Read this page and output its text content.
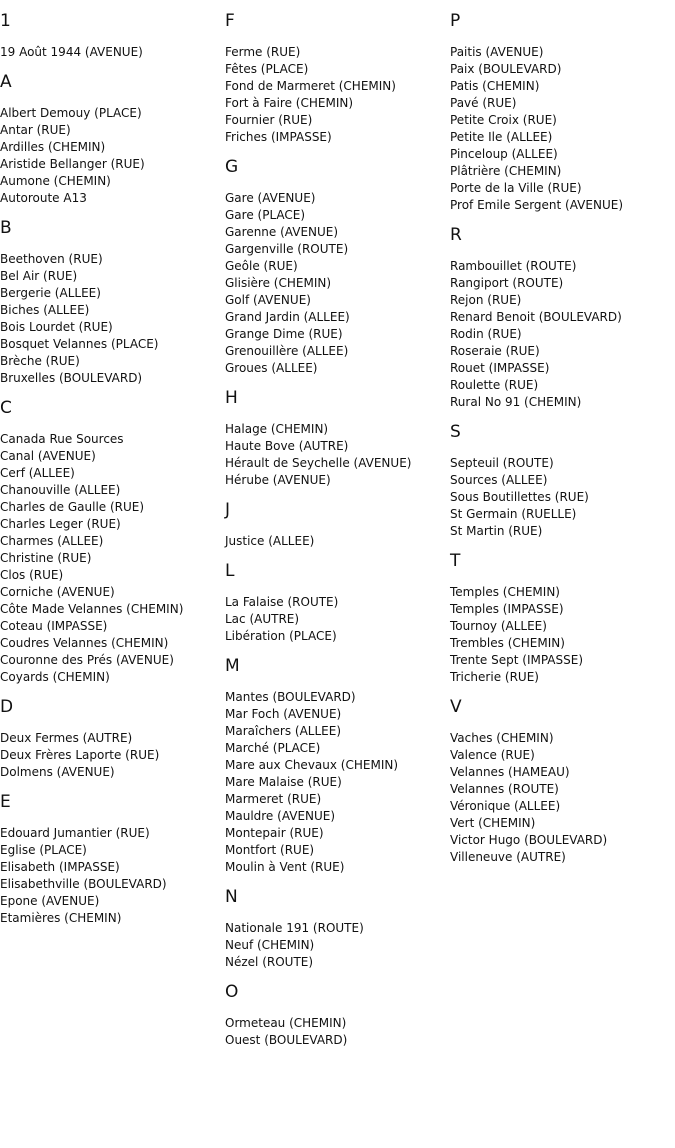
1
19 Août 1944 (AVENUE)
A
Albert Demouy (PLACE)
Antar (RUE)
Ardilles (CHEMIN)
Aristide Bellanger (RUE)
Aumone (CHEMIN)
Autoroute A13
B
Beethoven (RUE)
Bel Air (RUE)
Bergerie (ALLEE)
Biches (ALLEE)
Bois Lourdet (RUE)
Bosquet Velannes (PLACE)
Brèche (RUE)
Bruxelles (BOULEVARD)
C
Canada Rue Sources
Canal (AVENUE)
Cerf (ALLEE)
Chanouville (ALLEE)
Charles de Gaulle (RUE)
Charles Leger (RUE)
Charmes (ALLEE)
Christine (RUE)
Clos (RUE)
Corniche (AVENUE)
Côte Made Velannes (CHEMIN)
Coteau (IMPASSE)
Coudres Velannes (CHEMIN)
Couronne des Prés (AVENUE)
Coyards (CHEMIN)
D
Deux Fermes (AUTRE)
Deux Frères Laporte (RUE)
Dolmens (AVENUE)
E
Edouard Jumantier (RUE)
Eglise (PLACE)
Elisabeth (IMPASSE)
Elisabethville (BOULEVARD)
Epone (AVENUE)
Etamières (CHEMIN)
F
Ferme (RUE)
Fêtes (PLACE)
Fond de Marmeret (CHEMIN)
Fort à Faire (CHEMIN)
Fournier (RUE)
Friches (IMPASSE)
G
Gare (AVENUE)
Gare (PLACE)
Garenne (AVENUE)
Gargenville (ROUTE)
Geôle (RUE)
Glisière (CHEMIN)
Golf (AVENUE)
Grand Jardin (ALLEE)
Grange Dime (RUE)
Grenouillère (ALLEE)
Groues (ALLEE)
H
Halage (CHEMIN)
Haute Bove (AUTRE)
Hérault de Seychelle (AVENUE)
Hérube (AVENUE)
J
Justice (ALLEE)
L
La Falaise (ROUTE)
Lac (AUTRE)
Libération (PLACE)
M
Mantes (BOULEVARD)
Mar Foch (AVENUE)
Maraîchers (ALLEE)
Marché (PLACE)
Mare aux Chevaux (CHEMIN)
Mare Malaise (RUE)
Marmeret (RUE)
Mauldre (AVENUE)
Montepair (RUE)
Montfort (RUE)
Moulin à Vent (RUE)
N
Nationale 191 (ROUTE)
Neuf (CHEMIN)
Nézel (ROUTE)
O
Ormeteau (CHEMIN)
Ouest (BOULEVARD)
P
Paitis (AVENUE)
Paix (BOULEVARD)
Patis (CHEMIN)
Pavé (RUE)
Petite Croix (RUE)
Petite Ile (ALLEE)
Pinceloup (ALLEE)
Plâtrière (CHEMIN)
Porte de la Ville (RUE)
Prof Emile Sergent (AVENUE)
R
Rambouillet (ROUTE)
Rangiport (ROUTE)
Rejon (RUE)
Renard Benoit (BOULEVARD)
Rodin (RUE)
Roseraie (RUE)
Rouet (IMPASSE)
Roulette (RUE)
Rural No 91 (CHEMIN)
S
Septeuil (ROUTE)
Sources (ALLEE)
Sous Boutillettes (RUE)
St Germain (RUELLE)
St Martin (RUE)
T
Temples (CHEMIN)
Temples (IMPASSE)
Tournoy (ALLEE)
Trembles (CHEMIN)
Trente Sept (IMPASSE)
Tricherie (RUE)
V
Vaches (CHEMIN)
Valence (RUE)
Velannes (HAMEAU)
Velannes (ROUTE)
Véronique (ALLEE)
Vert (CHEMIN)
Victor Hugo (BOULEVARD)
Villeneuve (AUTRE)
